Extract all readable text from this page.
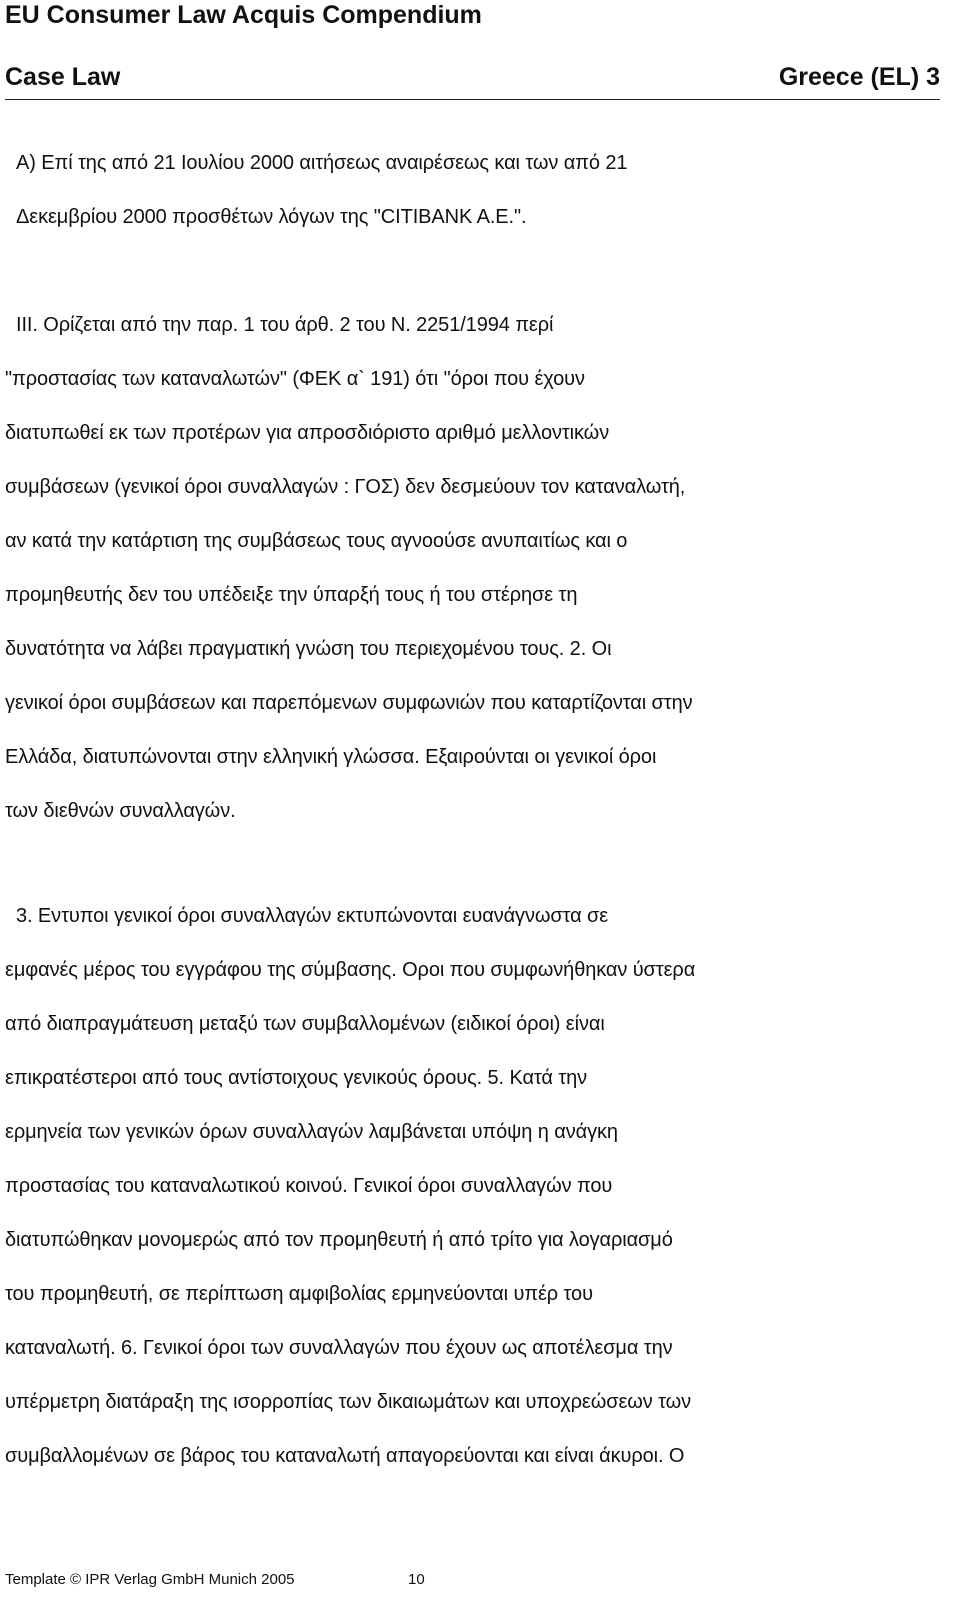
EU Consumer Law Acquis Compendium
Case Law	Greece (EL) 3
A) Επί της από 21 Ιουλίου 2000 αιτήσεως αναιρέσεως και των από 21
Δεκεμβρίου 2000 προσθέτων λόγων της "CITIBANK A.E.".
III. Ορίζεται από την παρ. 1 του άρθ. 2 του Ν. 2251/1994 περί
"προστασίας των καταναλωτών" (ΦΕΚ α` 191) ότι "όροι που έχουν
διατυπωθεί εκ των προτέρων για απροσδιόριστο αριθμό μελλοντικών
συμβάσεων (γενικοί όροι συναλλαγών : ΓΟΣ) δεν δεσμεύουν τον καταναλωτή,
αν κατά την κατάρτιση της συμβάσεως τους αγνοούσε ανυπαιτίως και ο
προμηθευτής δεν του υπέδειξε την ύπαρξή τους ή του στέρησε τη
δυνατότητα να λάβει πραγματική γνώση του περιεχομένου τους. 2. Οι
γενικοί όροι συμβάσεων και παρεπόμενων συμφωνιών που καταρτίζονται στην
Ελλάδα, διατυπώνονται στην ελληνική γλώσσα. Εξαιρούνται οι γενικοί όροι
των διεθνών συναλλαγών.
3. Εντυποι γενικοί όροι συναλλαγών εκτυπώνονται ευανάγνωστα σε
εμφανές μέρος του εγγράφου της σύμβασης. Οροι που συμφωνήθηκαν ύστερα
από διαπραγμάτευση μεταξύ των συμβαλλομένων (ειδικοί όροι) είναι
επικρατέστεροι από τους αντίστοιχους γενικούς όρους. 5. Κατά την
ερμηνεία των γενικών όρων συναλλαγών λαμβάνεται υπόψη η ανάγκη
προστασίας του καταναλωτικού κοινού. Γενικοί όροι συναλλαγών που
διατυπώθηκαν μονομερώς από τον προμηθευτή ή από τρίτο για λογαριασμό
του προμηθευτή, σε περίπτωση αμφιβολίας ερμηνεύονται υπέρ του
καταναλωτή. 6. Γενικοί όροι των συναλλαγών που έχουν ως αποτέλεσμα την
υπέρμετρη διατάραξη της ισορροπίας των δικαιωμάτων και υποχρεώσεων των
συμβαλλομένων σε βάρος του καταναλωτή απαγορεύονται και είναι άκυροι. Ο
Template © IPR Verlag GmbH Munich 2005	10
